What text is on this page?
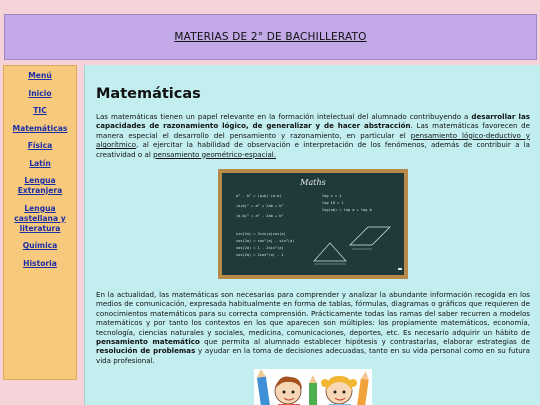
MATERIAS DE 2° DE BACHILLERATO
Menú
Inicio
TIC
Matemáticas
Física
Latín
Lengua Extranjera
Lengua castellana y literatura
Química
Historia
Matemáticas

Las matemáticas tienen un papel relevante en la formación intelectual del alumnado contribuyendo a desarrollar las capacidades de razonamiento lógico, de generalizar y de hacer abstracción. Las matemáticas favorecen de manera especial el desarrollo del pensamiento y razonamiento, en particular el pensamiento lógico-deductivo y algorítmico, al ejercitar la habilidad de observación e interpretación de los fenómenos, además de contribuir a la creatividad o al pensamiento geométrico-espacial.

Maths
a² - b² = (a+b)·(a-b)
(a+b)² = a² + 2ab + b²
(a-b)² = a² - 2ab + b²
sin(2a) = 2sin(a)cos(a)
cos(2a) = cos²(a) - sin²(a)
cos(2a) = 1 - 2sin²(a)
cos(2a) = 2cos²(a) - 1
log x = 1
log 10 = 1
log(ab) = log a + log b

En la actualidad, las matemáticas son necesarias para comprender y analizar la abundante información recogida en los medios de comunicación, expresada habitualmente en forma de tablas, fórmulas, diagramas o gráficos que requieren de conocimientos matemáticos para su correcta comprensión. Prácticamente todas las ramas del saber recurren a modelos matemáticos y por tanto los contextos en los que aparecen son múltiples: los propiamente matemáticos, economía, tecnología, ciencias naturales y sociales, medicina, comunicaciones, deportes, etc. Es necesario adquirir un hábito de pensamiento matemático que permita al alumnado establecer hipótesis y contrastarlas, elaborar estrategias de resolución de problemas y ayudar en la toma de decisiones adecuadas, tanto en su vida personal como en su futura vida profesional.
